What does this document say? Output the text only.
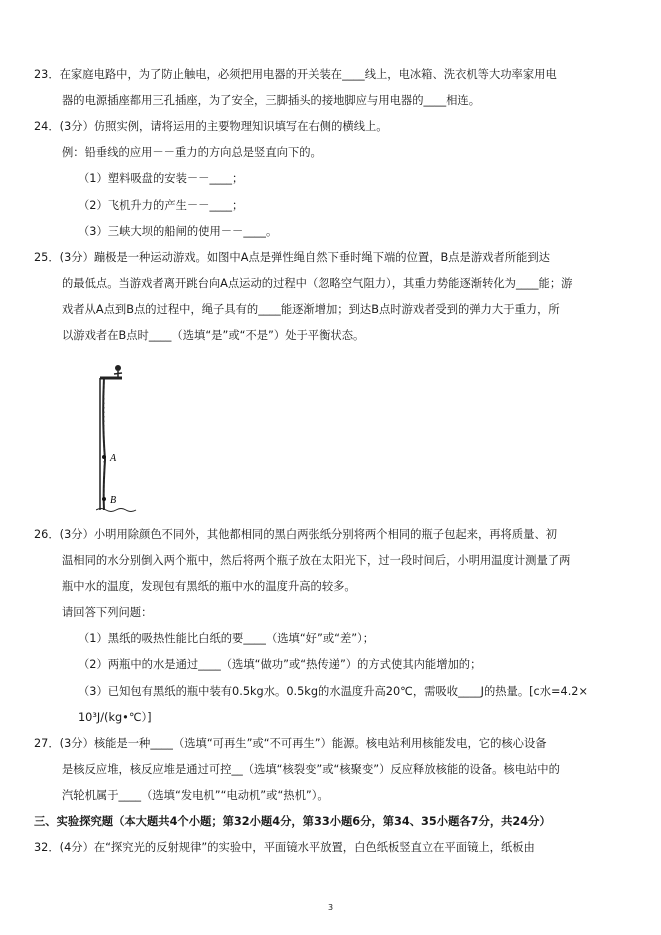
23．在家庭电路中，为了防止触电，必须把用电器的开关装在____线上，电冰箱、洗衣机等大功率家用电
器的电源插座都用三孔插座，为了安全，三脚插头的接地脚应与用电器的____相连。
24．(3分）仿照实例，请将运用的主要物理知识填写在右侧的横线上。
例：铅垂线的应用－－重力的方向总是竖直向下的。
（1）塑料吸盘的安装－－____；
（2）飞机升力的产生－－____；
（3）三峡大坝的船闸的使用－－____。
25．(3分）蹦极是一种运动游戏。如图中A点是弹性绳自然下垂时绳下端的位置，B点是游戏者所能到达
的最低点。当游戏者离开跳台向A点运动的过程中（忽略空气阻力），其重力势能逐渐转化为____能；游
戏者从A点到B点的过程中，绳子具有的____能逐渐增加；到达B点时游戏者受到的弹力大于重力，所
以游戏者在B点时____（选填“是”或“不是”）处于平衡状态。
A
B
26．(3分）小明用除颜色不同外，其他都相同的黑白两张纸分别将两个相同的瓶子包起来，再将质量、初
温相同的水分别倒入两个瓶中，然后将两个瓶子放在太阳光下，过一段时间后，小明用温度计测量了两
瓶中水的温度，发现包有黑纸的瓶中水的温度升高的较多。
请回答下列问题：
（1）黑纸的吸热性能比白纸的要____（选填“好”或“差”）；
（2）两瓶中的水是通过____（选填“做功”或“热传递”）的方式使其内能增加的；
（3）已知包有黑纸的瓶中装有0.5kg水。0.5kg的水温度升高20℃，需吸收____J的热量。[c水=4.2×
10³J/(kg•℃）]
27．(3分）核能是一种____（选填“可再生”或“不可再生”）能源。核电站利用核能发电，它的核心设备
是核反应堆，核反应堆是通过可控__（选填“核裂变”或“核聚变”）反应释放核能的设备。核电站中的
汽轮机属于____（选填“发电机”“电动机”或“热机”）。
三、实验探究题（本大题共4个小题；第32小题4分，第33小题6分，第34、35小题各7分，共24分）
32．(4分）在“探究光的反射规律”的实验中，平面镜水平放置，白色纸板竖直立在平面镜上，纸板由
3
